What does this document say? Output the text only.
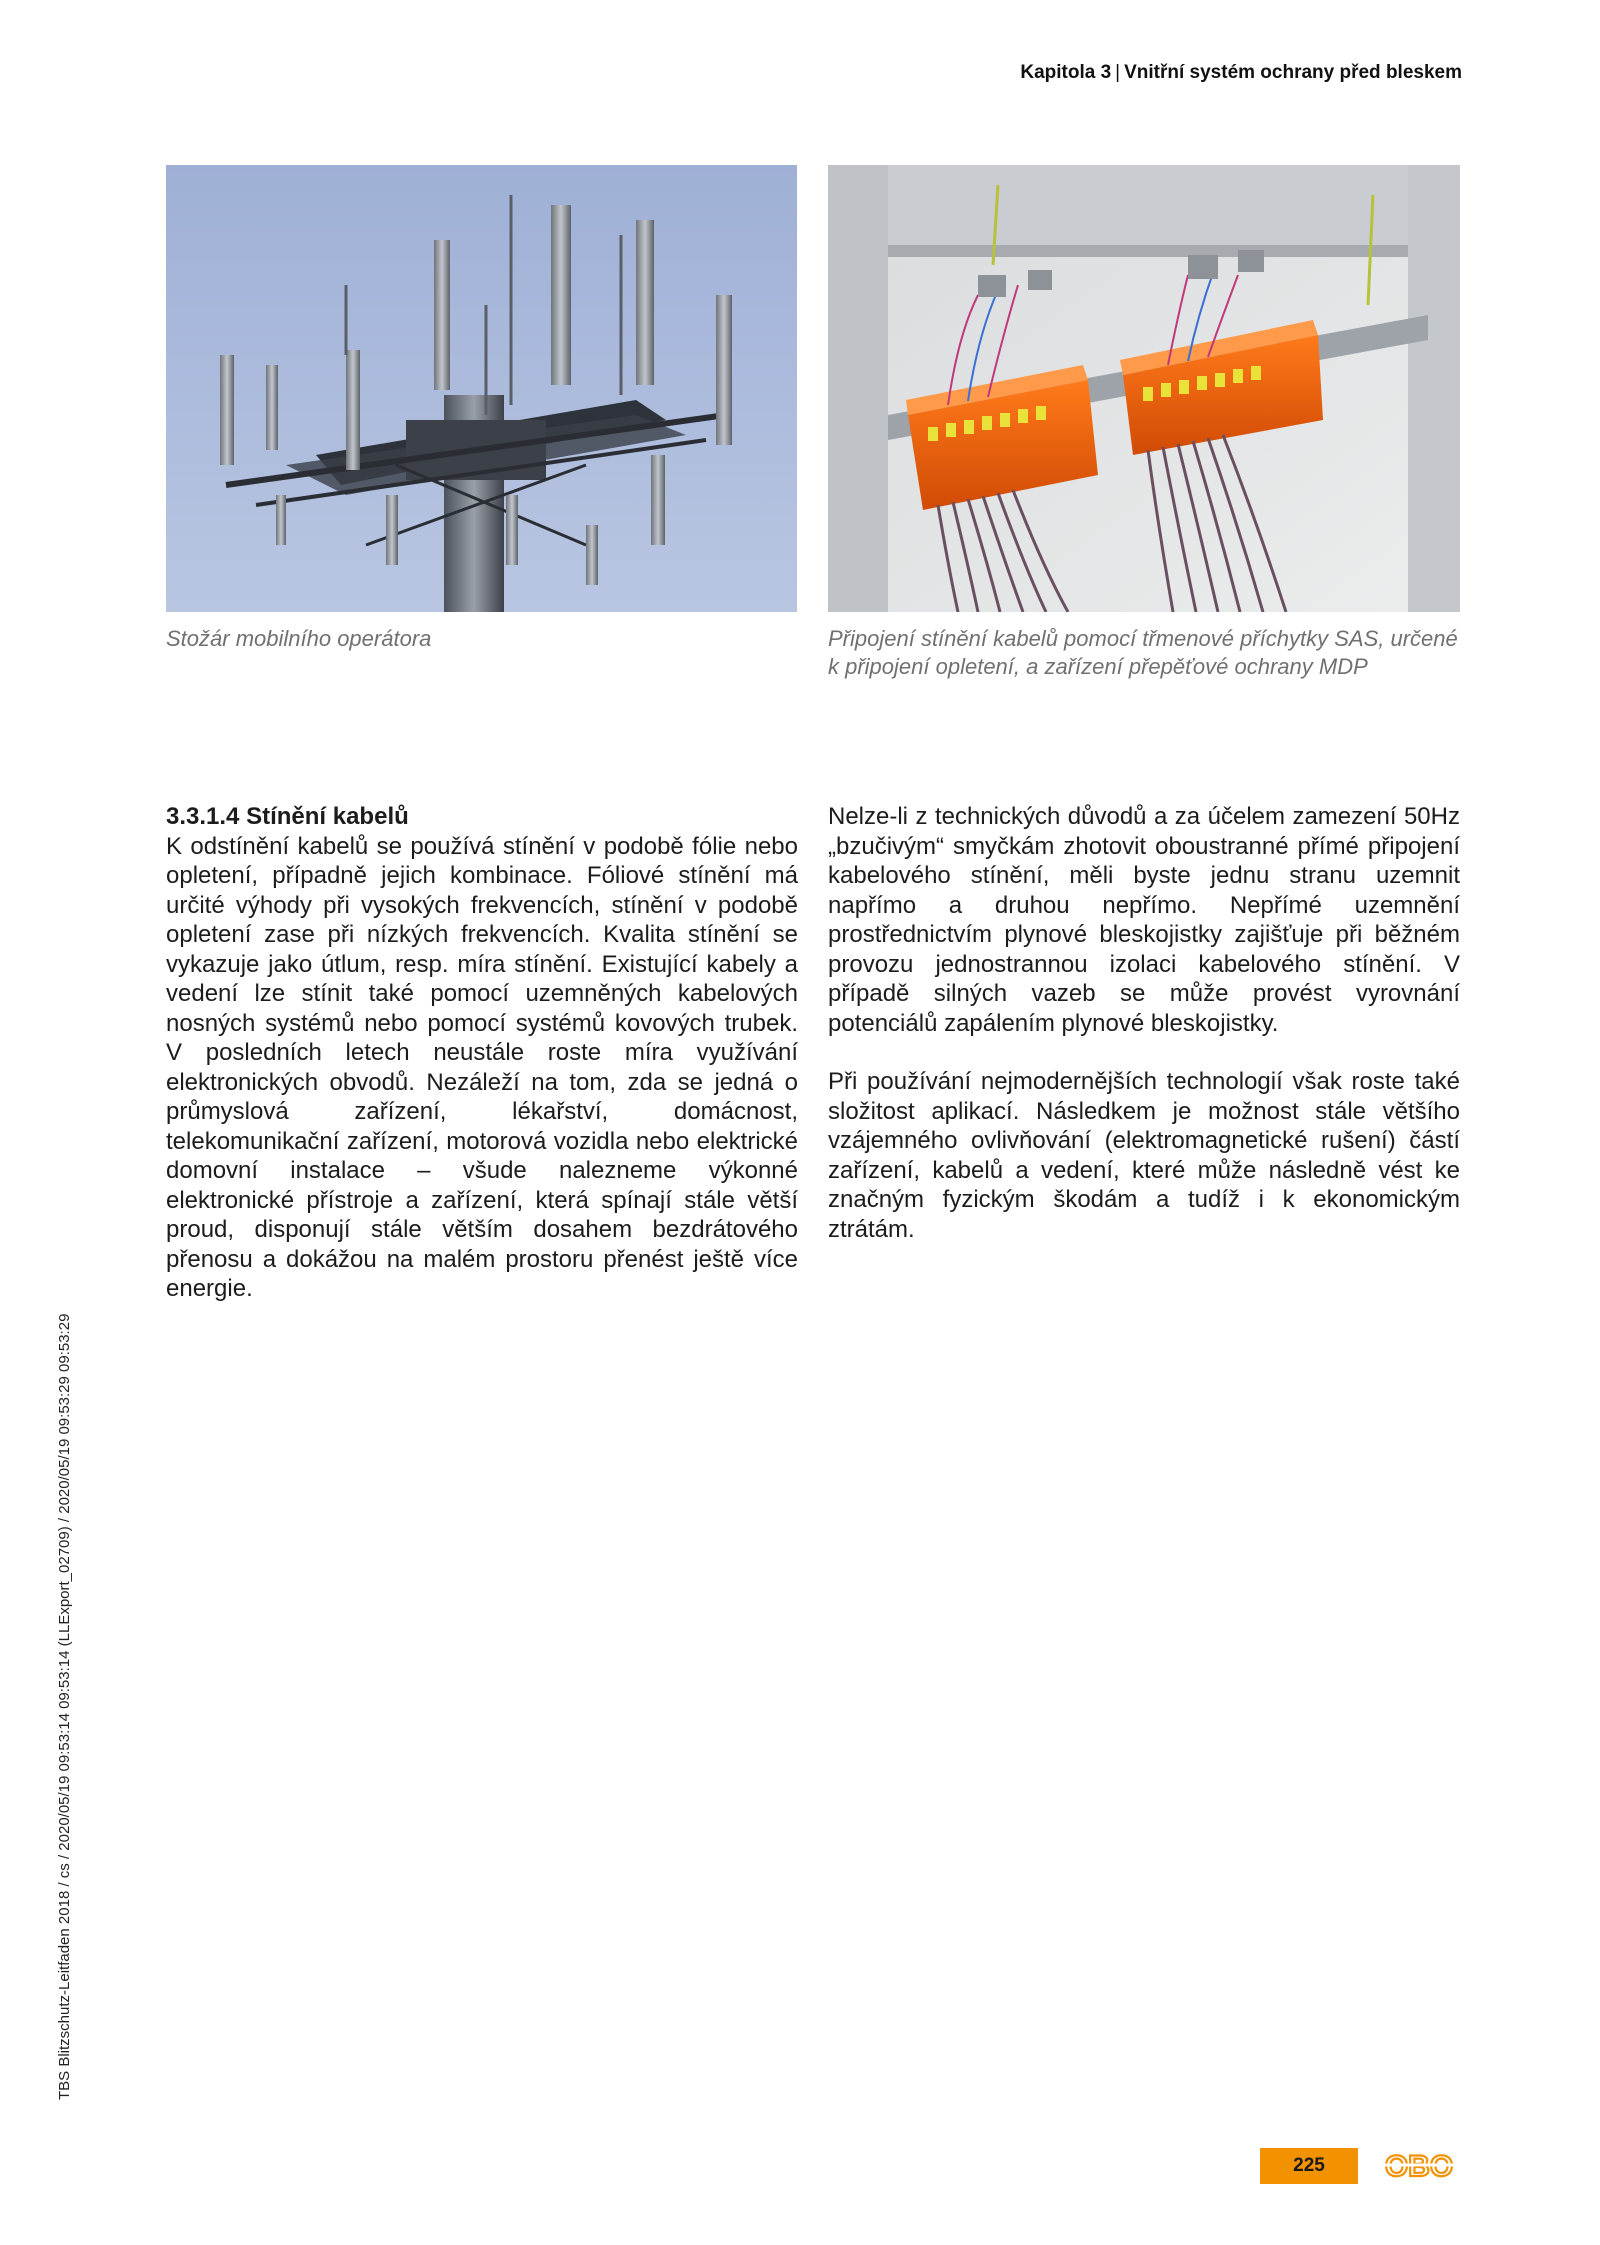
Kapitola 3 | Vnitřní systém ochrany před bleskem
Stožár mobilního operátora	Připojení stínění kabelů pomocí třmenové příchytky SAS, určené k připojení opletení, a zařízení přepěťové ochrany MDP
3.3.1.4 Stínění kabelů

K odstínění kabelů se používá stínění v podobě fólie nebo opletení, případně jejich kombinace. Fóliové stínění má určité výhody při vysokých frekvencích, stínění v podobě opletení zase při nízkých frekvencích. Kvalita stínění se vykazuje jako útlum, resp. míra stínění. Existující kabely a vedení lze stínit také pomocí uzemněných kabelových nosných systémů nebo pomocí systémů kovových trubek. V posledních letech neustále roste míra využívání elektronických obvodů. Nezáleží na tom, zda se jedná o průmyslová zařízení, lékařství, domácnost, telekomunikační zařízení, motorová vozidla nebo elektrické domovní instalace – všude nalezneme výkonné elektronické přístroje a zařízení, která spínají stále větší proud, disponují stále větším dosahem bezdrátového přenosu a dokážou na malém prostoru přenést ještě více energie.

Nelze-li z technických důvodů a za účelem zamezení 50Hz „bzučivým“ smyčkám zhotovit oboustranné přímé připojení kabelového stínění, měli byste jednu stranu uzemnit napřímo a druhou nepřímo. Nepřímé uzemnění prostřednictvím plynové bleskojistky zajišťuje při běžném provozu jednostrannou izolaci kabelového stínění. V případě silných vazeb se může provést vyrovnání potenciálů zapálením plynové bleskojistky.

Při používání nejmodernějších technologií však roste také složitost aplikací. Následkem je možnost stále většího vzájemného ovlivňování (elektromagnetické rušení) částí zařízení, kabelů a vedení, které může následně vést ke značným fyzickým škodám a tudíž i k ekonomickým ztrátám.

TBS Blitzschutz-Leitfaden 2018 / cs / 2020/05/19 09:53:14 09:53:14 (LLExport_02709) / 2020/05/19 09:53:29 09:53:29
225	OBO
